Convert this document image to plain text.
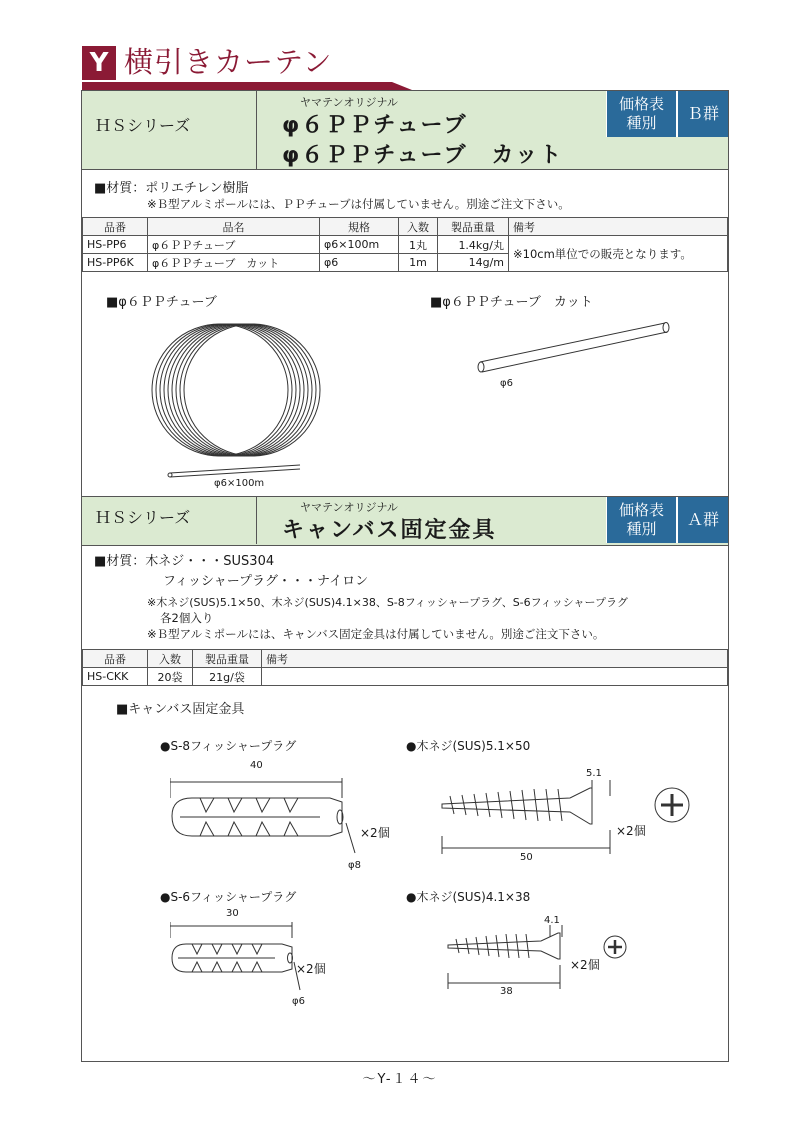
Y 横引きカーテン
ＨＳシリーズ
ヤマテンオリジナル
φ６ＰＰチューブ
φ６ＰＰチューブ　カット
価格表
種別	Ｂ群
■材質：ポリエチレン樹脂
※Ｂ型アルミポールには、ＰＰチューブは付属していません。別途ご注文下さい。
品番	品名	規格	入数	製品重量	備考
HS-PP6	φ６ＰＰチューブ	φ6×100m	1丸	1.4kg/丸	※10cm単位での販売となります。
HS-PP6K	φ６ＰＰチューブ　カット	φ6	1m	14g/m	
■φ６ＰＰチューブ	■φ６ＰＰチューブ　カット
φ6×100m
φ6
ＨＳシリーズ
ヤマテンオリジナル
キャンバス固定金具
価格表
種別	Ａ群
■材質：木ネジ・・・SUS304
フィッシャープラグ・・・ナイロン
※木ネジ(SUS)5.1×50、木ネジ(SUS)4.1×38、S-8フィッシャープラグ、S-6フィッシャープラグ
各2個入り
※Ｂ型アルミポールには、キャンバス固定金具は付属していません。別途ご注文下さい。
品番	入数	製品重量	備考
HS-CKK	20袋	21g/袋	
■キャンバス固定金具
●S-8フィッシャープラグ
40
×2個
φ8
●木ネジ(SUS)5.1×50
5.1
50
×2個
●S-6フィッシャープラグ
30
×2個
φ6
●木ネジ(SUS)4.1×38
4.1
38
×2個
～Y-１４～
